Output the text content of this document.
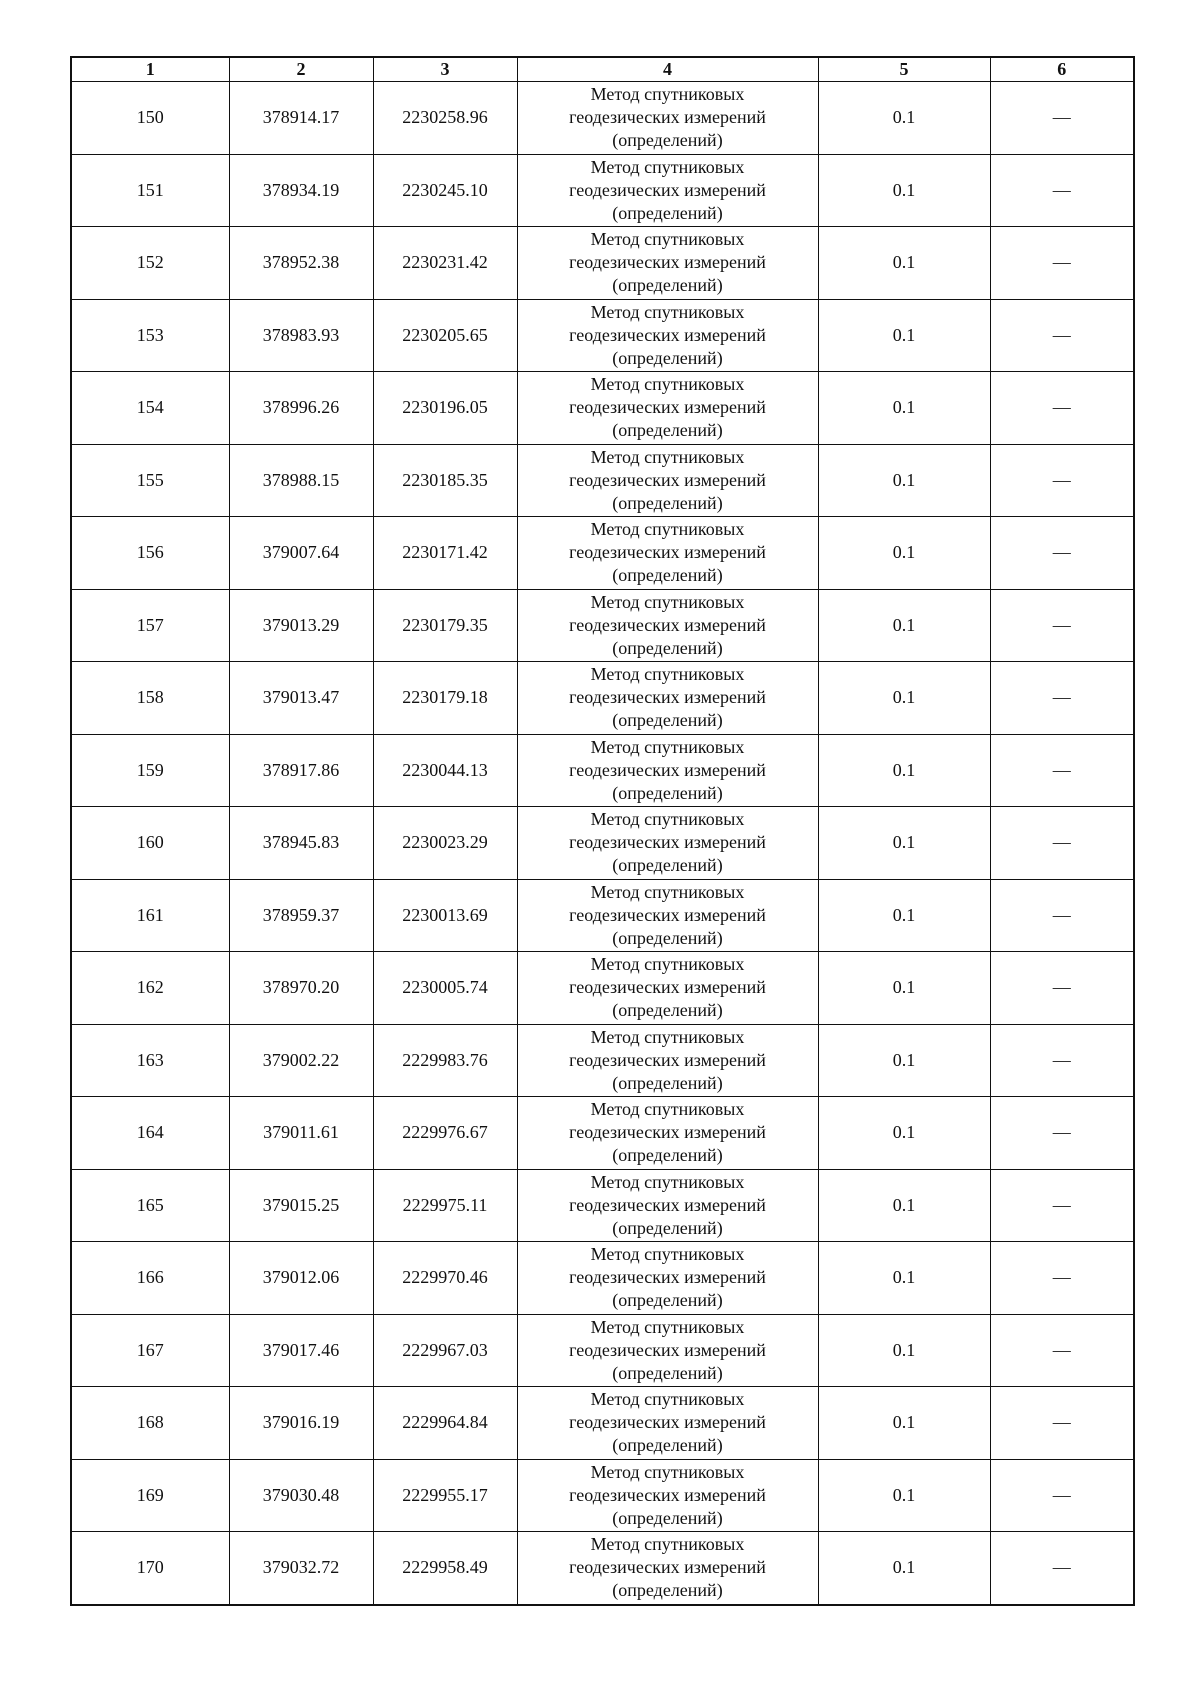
1	2	3	4	5	6
150	378914.17	2230258.96	Метод спутниковых
геодезических измерений
(определений)	0.1	—
151	378934.19	2230245.10	Метод спутниковых
геодезических измерений
(определений)	0.1	—
152	378952.38	2230231.42	Метод спутниковых
геодезических измерений
(определений)	0.1	—
153	378983.93	2230205.65	Метод спутниковых
геодезических измерений
(определений)	0.1	—
154	378996.26	2230196.05	Метод спутниковых
геодезических измерений
(определений)	0.1	—
155	378988.15	2230185.35	Метод спутниковых
геодезических измерений
(определений)	0.1	—
156	379007.64	2230171.42	Метод спутниковых
геодезических измерений
(определений)	0.1	—
157	379013.29	2230179.35	Метод спутниковых
геодезических измерений
(определений)	0.1	—
158	379013.47	2230179.18	Метод спутниковых
геодезических измерений
(определений)	0.1	—
159	378917.86	2230044.13	Метод спутниковых
геодезических измерений
(определений)	0.1	—
160	378945.83	2230023.29	Метод спутниковых
геодезических измерений
(определений)	0.1	—
161	378959.37	2230013.69	Метод спутниковых
геодезических измерений
(определений)	0.1	—
162	378970.20	2230005.74	Метод спутниковых
геодезических измерений
(определений)	0.1	—
163	379002.22	2229983.76	Метод спутниковых
геодезических измерений
(определений)	0.1	—
164	379011.61	2229976.67	Метод спутниковых
геодезических измерений
(определений)	0.1	—
165	379015.25	2229975.11	Метод спутниковых
геодезических измерений
(определений)	0.1	—
166	379012.06	2229970.46	Метод спутниковых
геодезических измерений
(определений)	0.1	—
167	379017.46	2229967.03	Метод спутниковых
геодезических измерений
(определений)	0.1	—
168	379016.19	2229964.84	Метод спутниковых
геодезических измерений
(определений)	0.1	—
169	379030.48	2229955.17	Метод спутниковых
геодезических измерений
(определений)	0.1	—
170	379032.72	2229958.49	Метод спутниковых
геодезических измерений
(определений)	0.1	—
